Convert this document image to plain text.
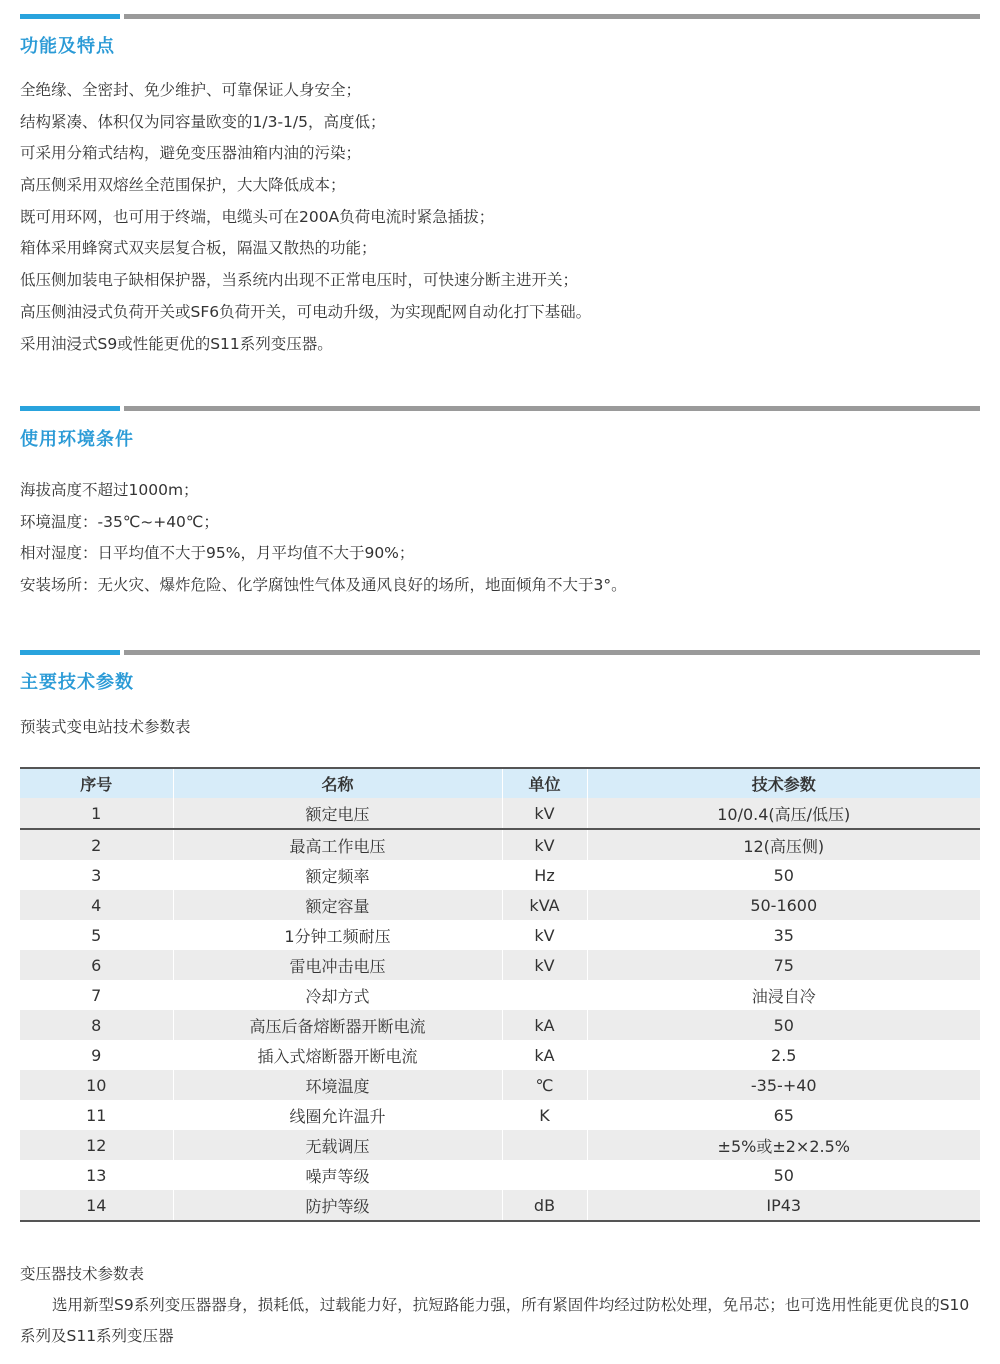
功能及特点
全绝缘、全密封、免少维护、可靠保证人身安全；
结构紧凑、体积仅为同容量欧变的1/3-1/5，高度低；
可采用分箱式结构，避免变压器油箱内油的污染；
高压侧采用双熔丝全范围保护，大大降低成本；
既可用环网，也可用于终端，电缆头可在200A负荷电流时紧急插拔；
箱体采用蜂窝式双夹层复合板，隔温又散热的功能；
低压侧加装电子缺相保护器，当系统内出现不正常电压时，可快速分断主进开关；
高压侧油浸式负荷开关或SF6负荷开关，可电动升级，为实现配网自动化打下基础。
采用油浸式S9或性能更优的S11系列变压器。
使用环境条件
海拔高度不超过1000m；
环境温度：-35℃~+40℃；
相对湿度：日平均值不大于95%，月平均值不大于90%；
安装场所：无火灾、爆炸危险、化学腐蚀性气体及通风良好的场所，地面倾角不大于3°。
主要技术参数
预装式变电站技术参数表
序号	名称	单位	技术参数
1	额定电压	kV	10/0.4(高压/低压)
2	最高工作电压	kV	12(高压侧)
3	额定频率	Hz	50
4	额定容量	kVA	50-1600
5	1分钟工频耐压	kV	35
6	雷电冲击电压	kV	75
7	冷却方式		油浸自冷
8	高压后备熔断器开断电流	kA	50
9	插入式熔断器开断电流	kA	2.5
10	环境温度	℃	-35-+40
11	线圈允许温升	K	65
12	无载调压		±5%或±2×2.5%
13	噪声等级		50
14	防护等级	dB	IP43
变压器技术参数表
选用新型S9系列变压器器身，损耗低，过载能力好，抗短路能力强，所有紧固件均经过防松处理，免吊芯；也可选用性能更优良的S10系列及S11系列变压器
